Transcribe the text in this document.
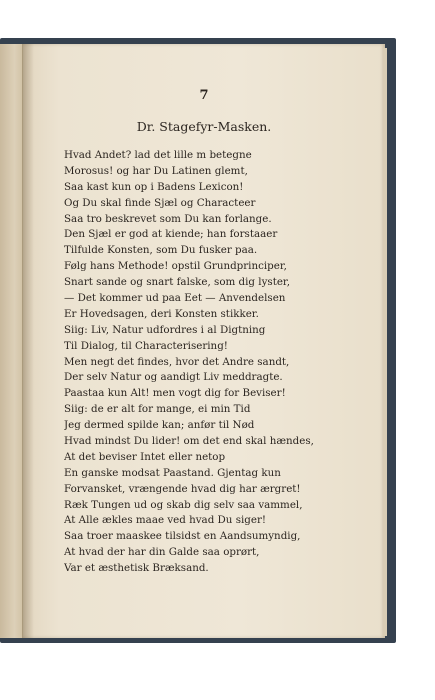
7
Dr. Stagefyr-Masken.
Hvad Andet? lad det lille m betegne
Morosus! og har Du Latinen glemt,
Saa kast kun op i Badens Lexicon!
Og Du skal finde Sjæl og Characteer
Saa tro beskrevet som Du kan forlange.
Den Sjæl er god at kiende; han forstaaer
Tilfulde Konsten, som Du fusker paa.
Følg hans Methode! opstil Grundprinciper,
Snart sande og snart falske, som dig lyster,
— Det kommer ud paa Eet — Anvendelsen
Er Hovedsagen, deri Konsten stikker.
Siig: Liv, Natur udfordres i al Digtning
Til Dialog, til Characterisering!
Men negt det findes, hvor det Andre sandt,
Der selv Natur og aandigt Liv meddragte.
Paastaa kun Alt! men vogt dig for Beviser!
Siig: de er alt for mange, ei min Tid
Jeg dermed spilde kan; anfør til Nød
Hvad mindst Du lider! om det end skal hændes,
At det beviser Intet eller netop
En ganske modsat Paastand. Gjentag kun
Forvansket, vrængende hvad dig har ærgret!
Ræk Tungen ud og skab dig selv saa vammel,
At Alle ækles maae ved hvad Du siger!
Saa troer maaskee tilsidst en Aandsumyndig,
At hvad der har din Galde saa oprørt,
Var et æsthetisk Bræksand.
